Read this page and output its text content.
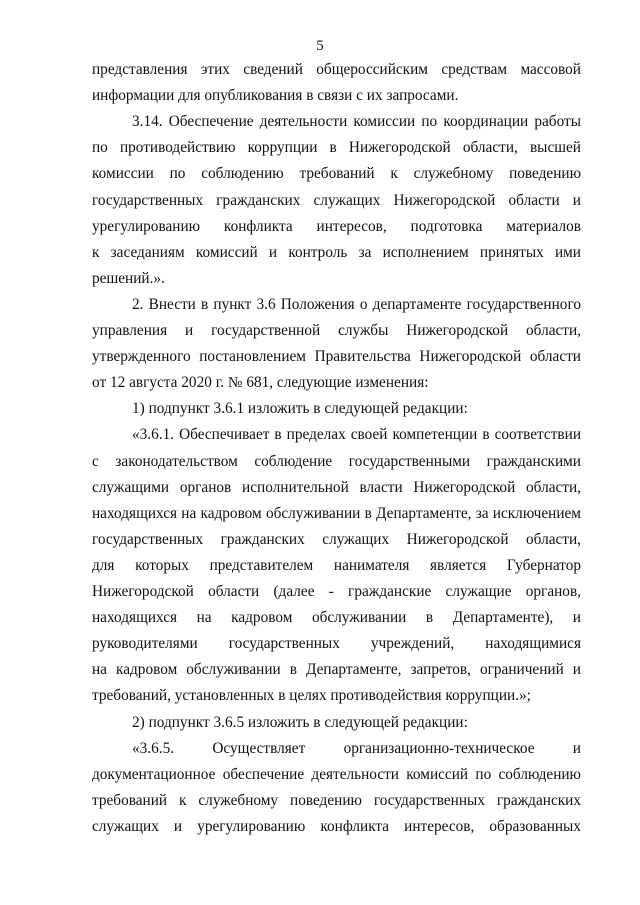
5
представления этих сведений общероссийским средствам массовой
информации для опубликования в связи с их запросами.
3.14. Обеспечение деятельности комиссии по координации работы
по противодействию коррупции в Нижегородской области, высшей
комиссии по соблюдению требований к служебному поведению
государственных гражданских служащих Нижегородской области и
урегулированию конфликта интересов, подготовка материалов
к заседаниям комиссий и контроль за исполнением принятых ими
решений.».
2. Внести в пункт 3.6 Положения о департаменте государственного
управления и государственной службы Нижегородской области,
утвержденного постановлением Правительства Нижегородской области
от 12 августа 2020 г. № 681, следующие изменения:
1) подпункт 3.6.1 изложить в следующей редакции:
«3.6.1. Обеспечивает в пределах своей компетенции в соответствии
с законодательством соблюдение государственными гражданскими
служащими органов исполнительной власти Нижегородской области,
находящихся на кадровом обслуживании в Департаменте, за исключением
государственных гражданских служащих Нижегородской области,
для которых представителем нанимателя является Губернатор
Нижегородской области (далее - гражданские служащие органов,
находящихся на кадровом обслуживании в Департаменте), и
руководителями государственных учреждений, находящимися
на кадровом обслуживании в Департаменте, запретов, ограничений и
требований, установленных в целях противодействия коррупции.»;
2) подпункт 3.6.5 изложить в следующей редакции:
«3.6.5. Осуществляет организационно-техническое и
документационное обеспечение деятельности комиссий по соблюдению
требований к служебному поведению государственных гражданских
служащих и урегулированию конфликта интересов, образованных
